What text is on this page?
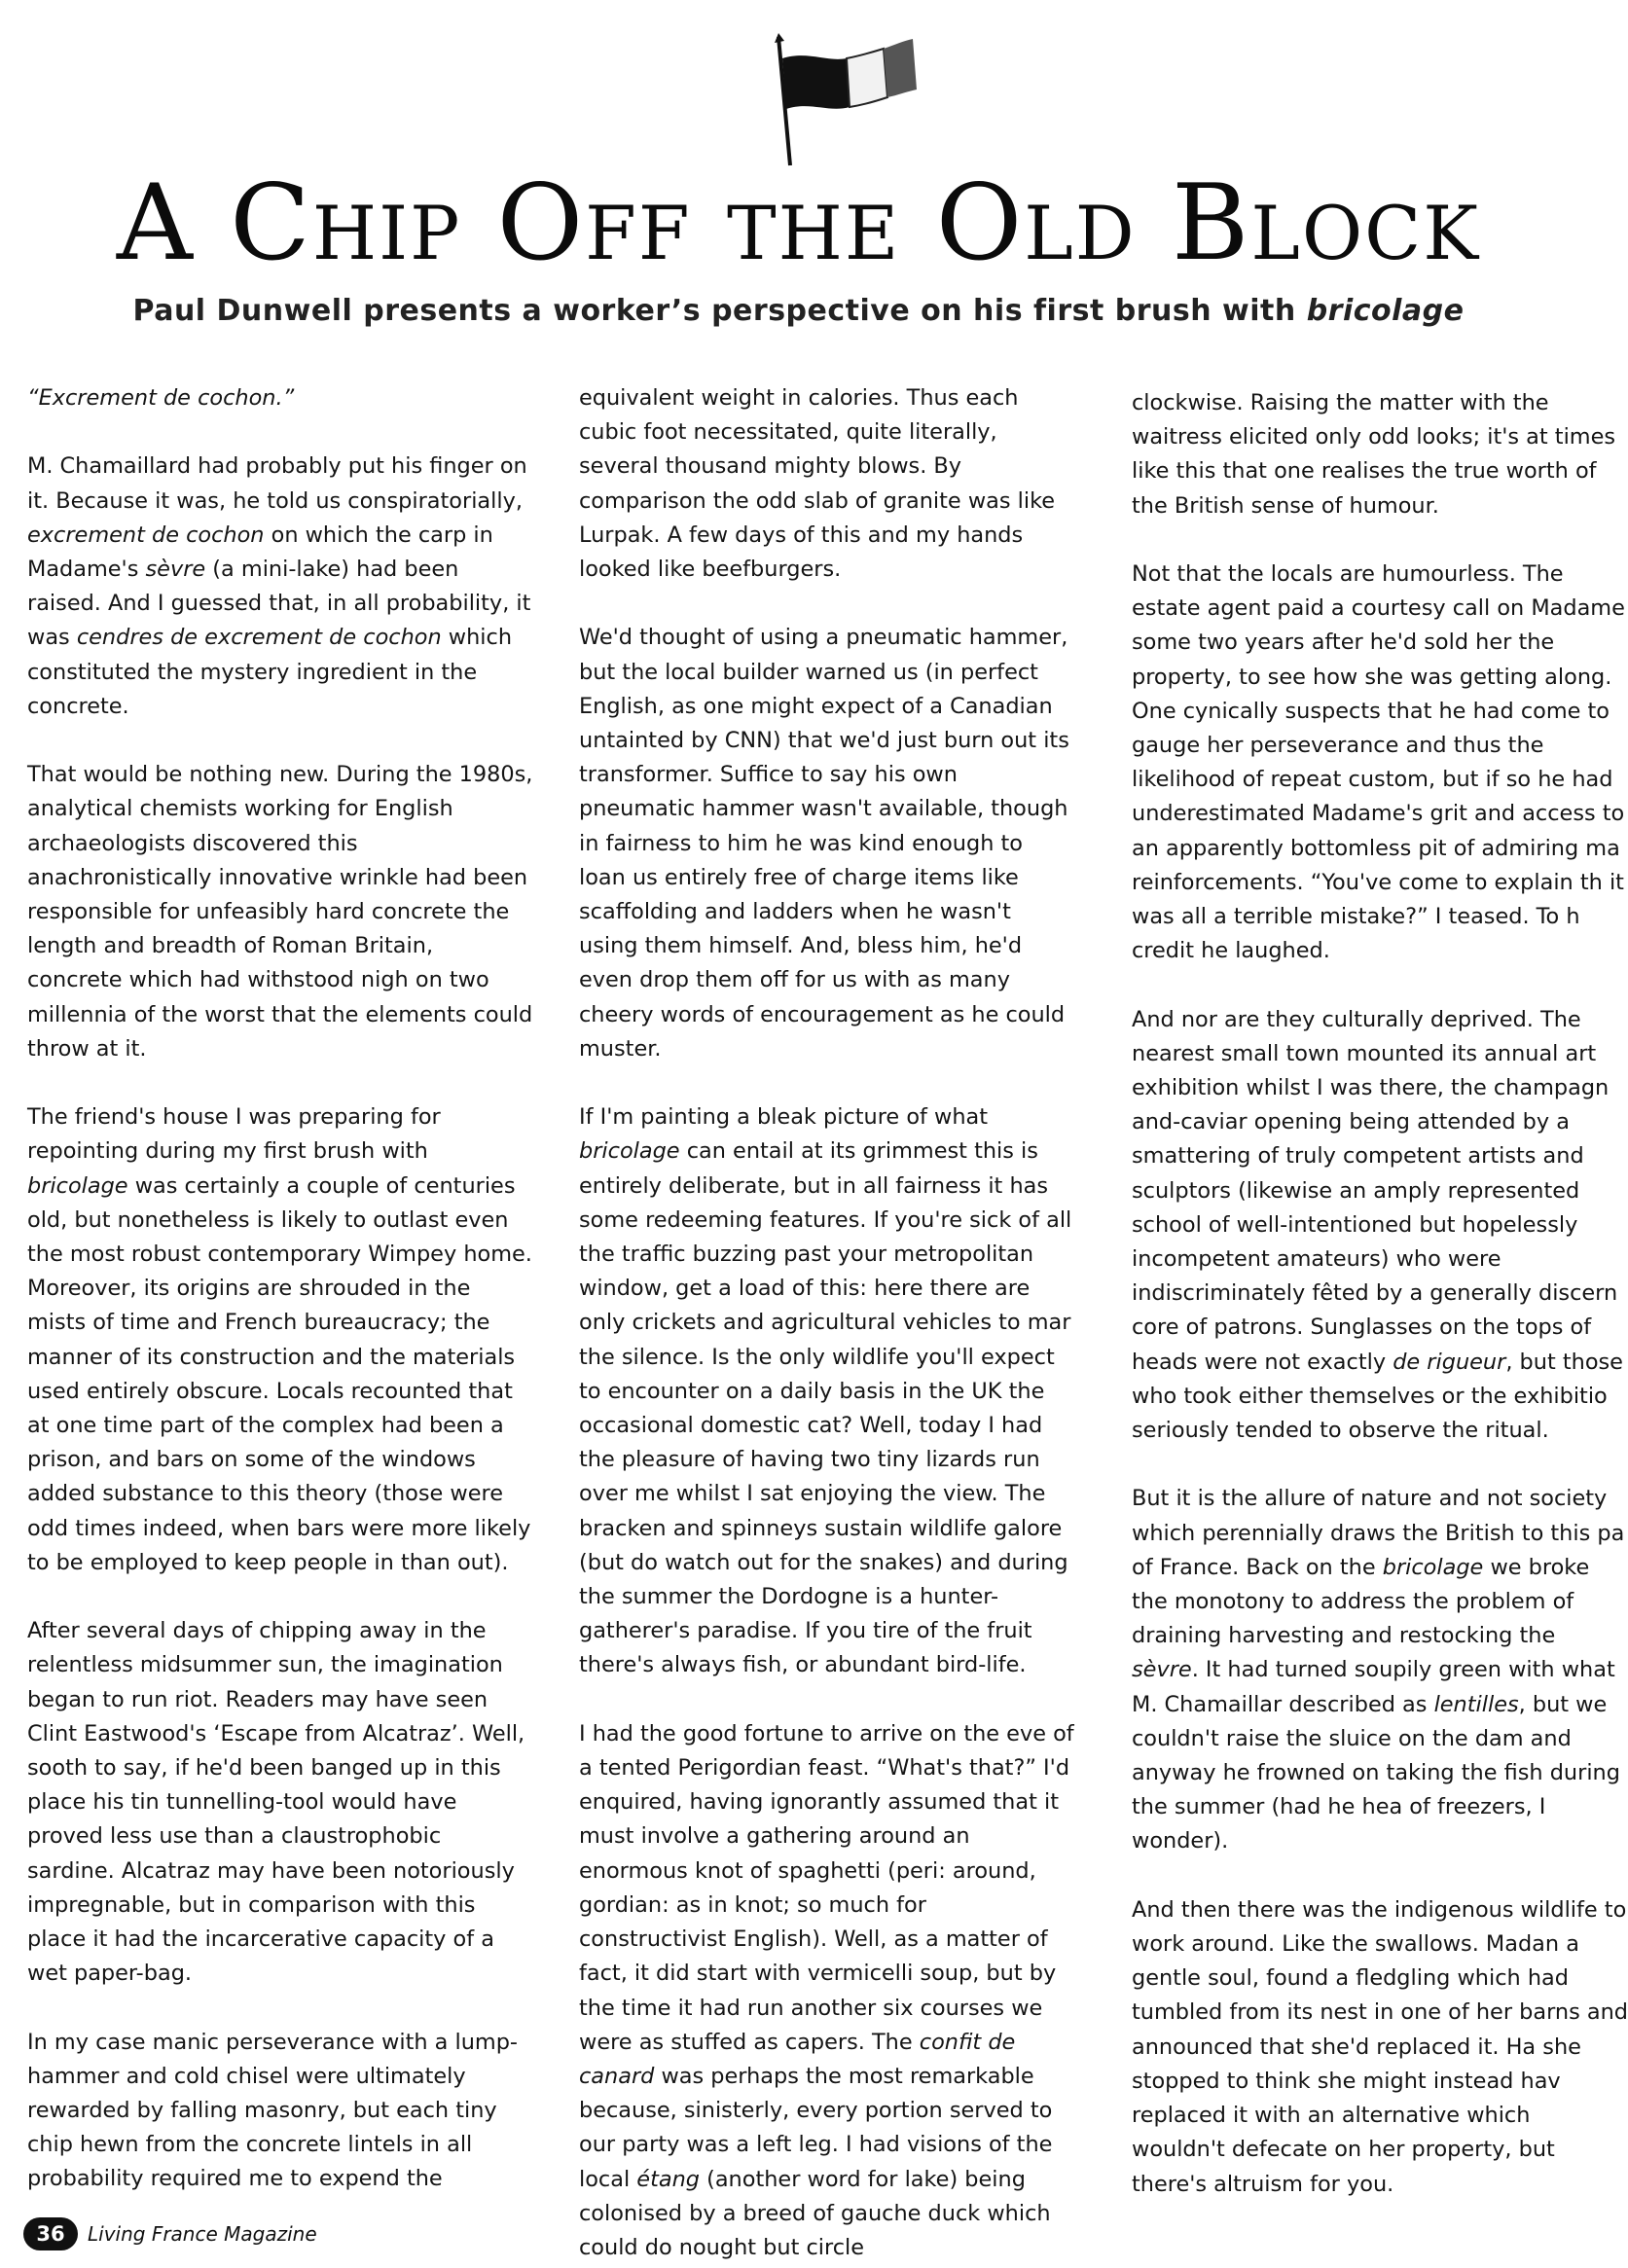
A Chip Off the Old Block
Paul Dunwell presents a worker’s perspective on his first brush with bricolage

“Excrement de cochon.”

M. Chamaillard had probably put his finger on it. Because it was, he told us conspiratorially, excrement de cochon on which the carp in Madame's sèvre (a mini-lake) had been raised. And I guessed that, in all probability, it was cendres de excrement de cochon which constituted the mystery ingredient in the concrete.

That would be nothing new. During the 1980s, analytical chemists working for English archaeologists discovered this anachronistically innovative wrinkle had been responsible for unfeasibly hard concrete the length and breadth of Roman Britain, concrete which had withstood nigh on two millennia of the worst that the elements could throw at it.

The friend's house I was preparing for repointing during my first brush with bricolage was certainly a couple of centuries old, but nonetheless is likely to outlast even the most robust contemporary Wimpey home. Moreover, its origins are shrouded in the mists of time and French bureaucracy; the manner of its construction and the materials used entirely obscure. Locals recounted that at one time part of the complex had been a prison, and bars on some of the windows added substance to this theory (those were odd times indeed, when bars were more likely to be employed to keep people in than out).

After several days of chipping away in the relentless midsummer sun, the imagination began to run riot. Readers may have seen Clint Eastwood's ‘Escape from Alcatraz’. Well, sooth to say, if he'd been banged up in this place his tin tunnelling-tool would have proved less use than a claustrophobic sardine. Alcatraz may have been notoriously impregnable, but in comparison with this place it had the incarcerative capacity of a wet paper-bag.

In my case manic perseverance with a lump-hammer and cold chisel were ultimately rewarded by falling masonry, but each tiny chip hewn from the concrete lintels in all probability required me to expend the

equivalent weight in calories. Thus each cubic foot necessitated, quite literally, several thousand mighty blows. By comparison the odd slab of granite was like Lurpak. A few days of this and my hands looked like beefburgers.

We'd thought of using a pneumatic hammer, but the local builder warned us (in perfect English, as one might expect of a Canadian untainted by CNN) that we'd just burn out its transformer. Suffice to say his own pneumatic hammer wasn't available, though in fairness to him he was kind enough to loan us entirely free of charge items like scaffolding and ladders when he wasn't using them himself. And, bless him, he'd even drop them off for us with as many cheery words of encouragement as he could muster.

If I'm painting a bleak picture of what bricolage can entail at its grimmest this is entirely deliberate, but in all fairness it has some redeeming features. If you're sick of all the traffic buzzing past your metropolitan window, get a load of this: here there are only crickets and agricultural vehicles to mar the silence. Is the only wildlife you'll expect to encounter on a daily basis in the UK the occasional domestic cat? Well, today I had the pleasure of having two tiny lizards run over me whilst I sat enjoying the view. The bracken and spinneys sustain wildlife galore (but do watch out for the snakes) and during the summer the Dordogne is a hunter-gatherer's paradise. If you tire of the fruit there's always fish, or abundant bird-life.

I had the good fortune to arrive on the eve of a tented Perigordian feast. “What's that?” I'd enquired, having ignorantly assumed that it must involve a gathering around an enormous knot of spaghetti (peri: around, gordian: as in knot; so much for constructivist English). Well, as a matter of fact, it did start with vermicelli soup, but by the time it had run another six courses we were as stuffed as capers. The confit de canard was perhaps the most remarkable because, sinisterly, every portion served to our party was a left leg. I had visions of the local étang (another word for lake) being colonised by a breed of gauche duck which could do nought but circle

clockwise. Raising the matter with the waitress elicited only odd looks; it's at times like this that one realises the true worth of the British sense of humour.

Not that the locals are humourless. The estate agent paid a courtesy call on Madame some two years after he'd sold her the property, to see how she was getting along. One cynically suspects that he had come to gauge her perseverance and thus the likelihood of repeat custom, but if so he had underestimated Madame's grit and access to an apparently bottomless pit of admiring ma reinforcements. “You've come to explain th it was all a terrible mistake?” I teased. To h credit he laughed.

And nor are they culturally deprived. The nearest small town mounted its annual art exhibition whilst I was there, the champagn and-caviar opening being attended by a smattering of truly competent artists and sculptors (likewise an amply represented school of well-intentioned but hopelessly incompetent amateurs) who were indiscriminately fêted by a generally discern core of patrons. Sunglasses on the tops of heads were not exactly de rigueur, but those who took either themselves or the exhibitio seriously tended to observe the ritual.

But it is the allure of nature and not society which perennially draws the British to this pa of France. Back on the bricolage we broke the monotony to address the problem of draining harvesting and restocking the sèvre. It had turned soupily green with what M. Chamaillar described as lentilles, but we couldn't raise the sluice on the dam and anyway he frowned on taking the fish during the summer (had he hea of freezers, I wonder).

And then there was the indigenous wildlife to work around. Like the swallows. Madan a gentle soul, found a fledgling which had tumbled from its nest in one of her barns and announced that she'd replaced it. Ha she stopped to think she might instead hav replaced it with an alternative which wouldn't defecate on her property, but there's altruism for you.

36	Living France Magazine
